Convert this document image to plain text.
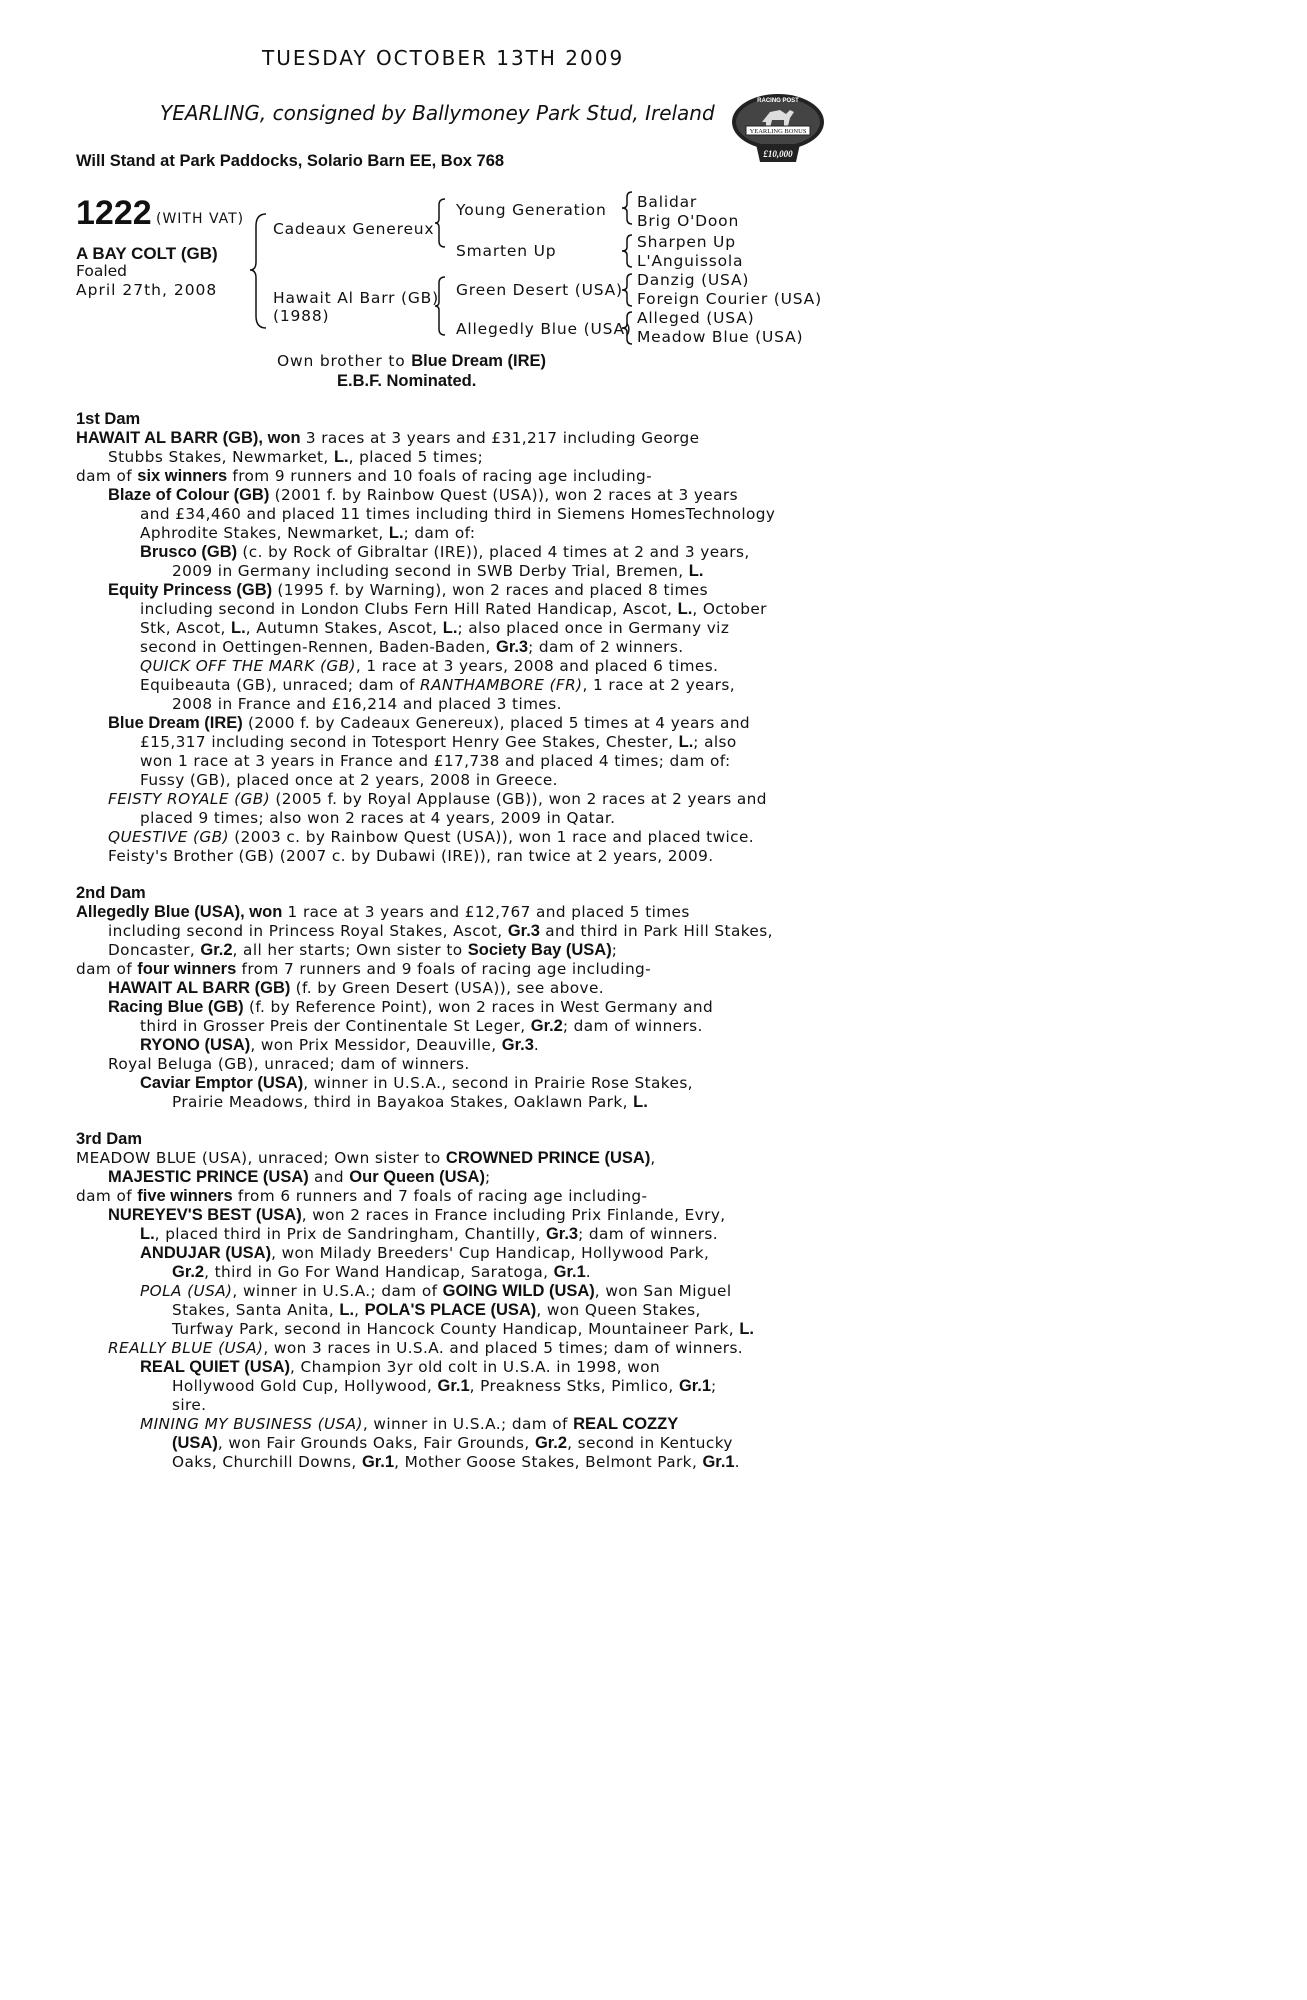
TUESDAY OCTOBER 13TH 2009
YEARLING, consigned by Ballymoney Park Stud, Ireland
Will Stand at Park Paddocks, Solario Barn EE, Box 768
RACING POST
YEARLING BONUS
£10,000
1222 (WITH VAT)
A BAY COLT (GB)
Foaled
April 27th, 2008
Cadeaux Genereux
Hawait Al Barr (GB)
(1988)
Young Generation
Smarten Up
Green Desert (USA)
Allegedly Blue (USA)
Balidar
Brig O'Doon
Sharpen Up
L'Anguissola
Danzig (USA)
Foreign Courier (USA)
Alleged (USA)
Meadow Blue (USA)
Own brother to Blue Dream (IRE)
E.B.F. Nominated.
1st Dam
HAWAIT AL BARR (GB), won 3 races at 3 years and £31,217 including George
Stubbs Stakes, Newmarket, L., placed 5 times;
dam of six winners from 9 runners and 10 foals of racing age including-
Blaze of Colour (GB) (2001 f. by Rainbow Quest (USA)), won 2 races at 3 years
and £34,460 and placed 11 times including third in Siemens HomesTechnology
Aphrodite Stakes, Newmarket, L.; dam of:
Brusco (GB) (c. by Rock of Gibraltar (IRE)), placed 4 times at 2 and 3 years,
2009 in Germany including second in SWB Derby Trial, Bremen, L.
Equity Princess (GB) (1995 f. by Warning), won 2 races and placed 8 times
including second in London Clubs Fern Hill Rated Handicap, Ascot, L., October
Stk, Ascot, L., Autumn Stakes, Ascot, L.; also placed once in Germany viz
second in Oettingen-Rennen, Baden-Baden, Gr.3; dam of 2 winners.
QUICK OFF THE MARK (GB), 1 race at 3 years, 2008 and placed 6 times.
Equibeauta (GB), unraced; dam of RANTHAMBORE (FR), 1 race at 2 years,
2008 in France and £16,214 and placed 3 times.
Blue Dream (IRE) (2000 f. by Cadeaux Genereux), placed 5 times at 4 years and
£15,317 including second in Totesport Henry Gee Stakes, Chester, L.; also
won 1 race at 3 years in France and £17,738 and placed 4 times; dam of:
Fussy (GB), placed once at 2 years, 2008 in Greece.
FEISTY ROYALE (GB) (2005 f. by Royal Applause (GB)), won 2 races at 2 years and
placed 9 times; also won 2 races at 4 years, 2009 in Qatar.
QUESTIVE (GB) (2003 c. by Rainbow Quest (USA)), won 1 race and placed twice.
Feisty's Brother (GB) (2007 c. by Dubawi (IRE)), ran twice at 2 years, 2009.
2nd Dam
Allegedly Blue (USA), won 1 race at 3 years and £12,767 and placed 5 times
including second in Princess Royal Stakes, Ascot, Gr.3 and third in Park Hill Stakes,
Doncaster, Gr.2, all her starts; Own sister to Society Bay (USA);
dam of four winners from 7 runners and 9 foals of racing age including-
HAWAIT AL BARR (GB) (f. by Green Desert (USA)), see above.
Racing Blue (GB) (f. by Reference Point), won 2 races in West Germany and
third in Grosser Preis der Continentale St Leger, Gr.2; dam of winners.
RYONO (USA), won Prix Messidor, Deauville, Gr.3.
Royal Beluga (GB), unraced; dam of winners.
Caviar Emptor (USA), winner in U.S.A., second in Prairie Rose Stakes,
Prairie Meadows, third in Bayakoa Stakes, Oaklawn Park, L.
3rd Dam
MEADOW BLUE (USA), unraced; Own sister to CROWNED PRINCE (USA),
MAJESTIC PRINCE (USA) and Our Queen (USA);
dam of five winners from 6 runners and 7 foals of racing age including-
NUREYEV'S BEST (USA), won 2 races in France including Prix Finlande, Evry,
L., placed third in Prix de Sandringham, Chantilly, Gr.3; dam of winners.
ANDUJAR (USA), won Milady Breeders' Cup Handicap, Hollywood Park,
Gr.2, third in Go For Wand Handicap, Saratoga, Gr.1.
POLA (USA), winner in U.S.A.; dam of GOING WILD (USA), won San Miguel
Stakes, Santa Anita, L., POLA'S PLACE (USA), won Queen Stakes,
Turfway Park, second in Hancock County Handicap, Mountaineer Park, L.
REALLY BLUE (USA), won 3 races in U.S.A. and placed 5 times; dam of winners.
REAL QUIET (USA), Champion 3yr old colt in U.S.A. in 1998, won
Hollywood Gold Cup, Hollywood, Gr.1, Preakness Stks, Pimlico, Gr.1;
sire.
MINING MY BUSINESS (USA), winner in U.S.A.; dam of REAL COZZY
(USA), won Fair Grounds Oaks, Fair Grounds, Gr.2, second in Kentucky
Oaks, Churchill Downs, Gr.1, Mother Goose Stakes, Belmont Park, Gr.1.
